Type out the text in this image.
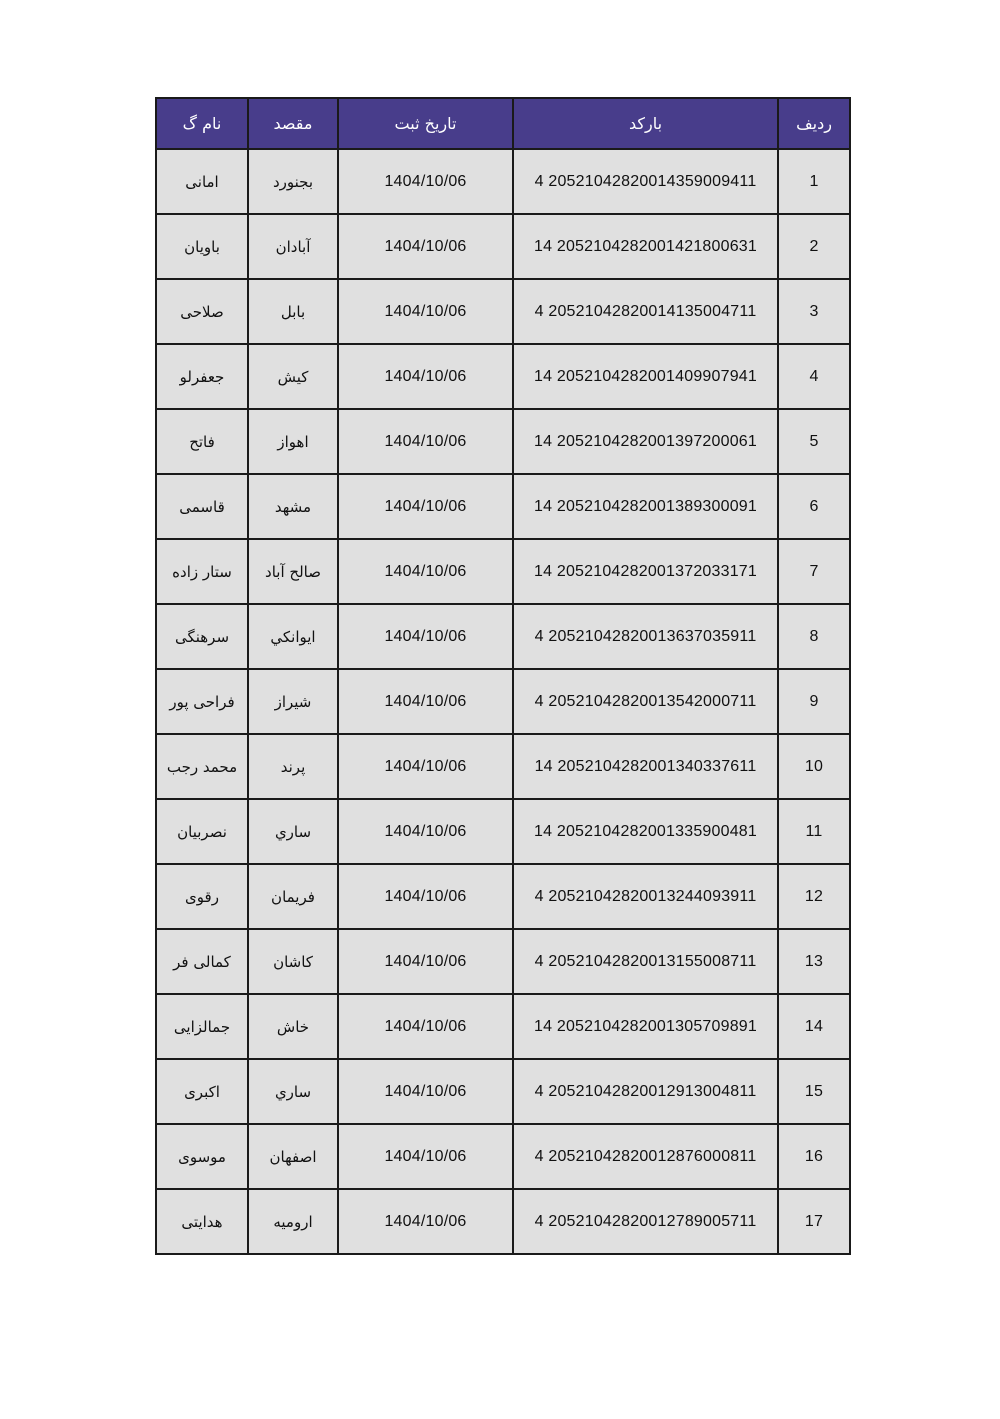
ردیف	بارکد	تاریخ ثبت	مقصد	نام گ
1	20521042820014359009411 4	1404/10/06	بجنورد	امانی
2	2052104282001421800631 14	1404/10/06	آبادان	باویان
3	20521042820014135004711 4	1404/10/06	بابل	صلاحی
4	2052104282001409907941 14	1404/10/06	کیش	جعفرلو
5	2052104282001397200061 14	1404/10/06	اهواز	فاتح
6	2052104282001389300091 14	1404/10/06	مشهد	قاسمی
7	2052104282001372033171 14	1404/10/06	صالح آباد	ستار زاده
8	20521042820013637035911 4	1404/10/06	ایوانکي	سرهنگی
9	20521042820013542000711 4	1404/10/06	شیراز	فراحی پور
10	2052104282001340337611 14	1404/10/06	پرند	محمد رجب
11	2052104282001335900481 14	1404/10/06	ساري	نصربیان
12	20521042820013244093911 4	1404/10/06	فریمان	رقوی
13	20521042820013155008711 4	1404/10/06	کاشان	کمالی فر
14	2052104282001305709891 14	1404/10/06	خاش	جمالزایی
15	20521042820012913004811 4	1404/10/06	ساري	اکبری
16	20521042820012876000811 4	1404/10/06	اصفهان	موسوی
17	20521042820012789005711 4	1404/10/06	ارومیه	هدایتی
